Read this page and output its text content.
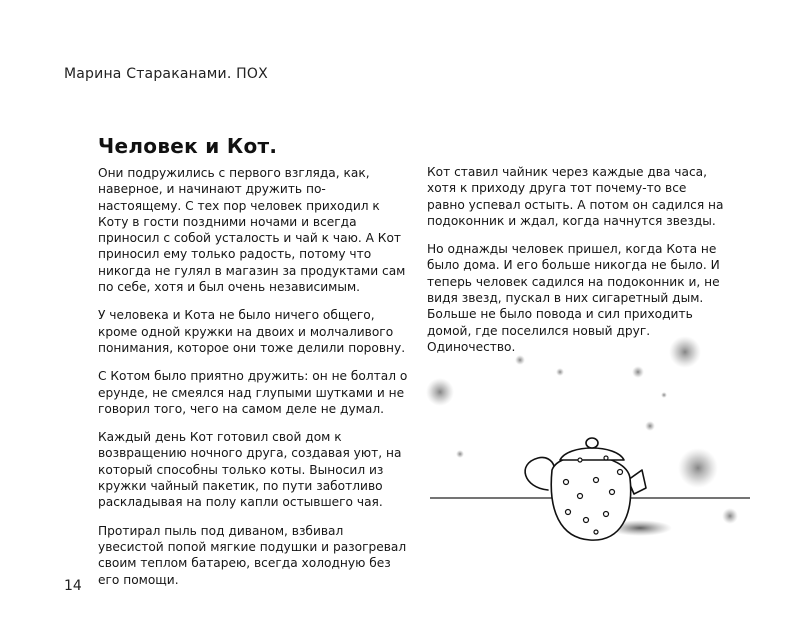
Марина Стараканами. ПОХ
Человек и Кот.

Они подружились с первого взгляда, как, наверное, и начинают дружить по-настоящему. С тех пор человек приходил к Коту в гости поздними ночами и всегда приносил с собой усталость и чай к чаю. А Кот приносил ему только радость, потому что никогда не гулял в магазин за продуктами сам по себе, хотя и был очень независимым.

У человека и Кота не было ничего общего, кроме одной кружки на двоих и молчаливого понимания, которое они тоже делили поровну.

С Котом было приятно дружить: он не болтал о ерунде, не смеялся над глупыми шутками и не говорил того, чего на самом деле не думал.

Каждый день Кот готовил свой дом к возвращению ночного друга, создавая уют, на который способны только коты. Выносил из кружки чайный пакетик, по пути заботливо раскладывая на полу капли остывшего чая.

Протирал пыль под диваном, взбивал увесистой попой мягкие подушки и разогревал своим теплом батарею, всегда холодную без его помощи.

Кот ставил чайник через каждые два часа, хотя к приходу друга тот почему-то все равно успевал остыть. А потом он садился на подоконник и ждал, когда начнутся звезды.

Но однажды человек пришел, когда Кота не было дома. И его больше никогда не было. И теперь человек садился на подоконник и, не видя звезд, пускал в них сигаретный дым. Больше не было повода и сил приходить домой, где поселился новый друг. Одиночество.

14
